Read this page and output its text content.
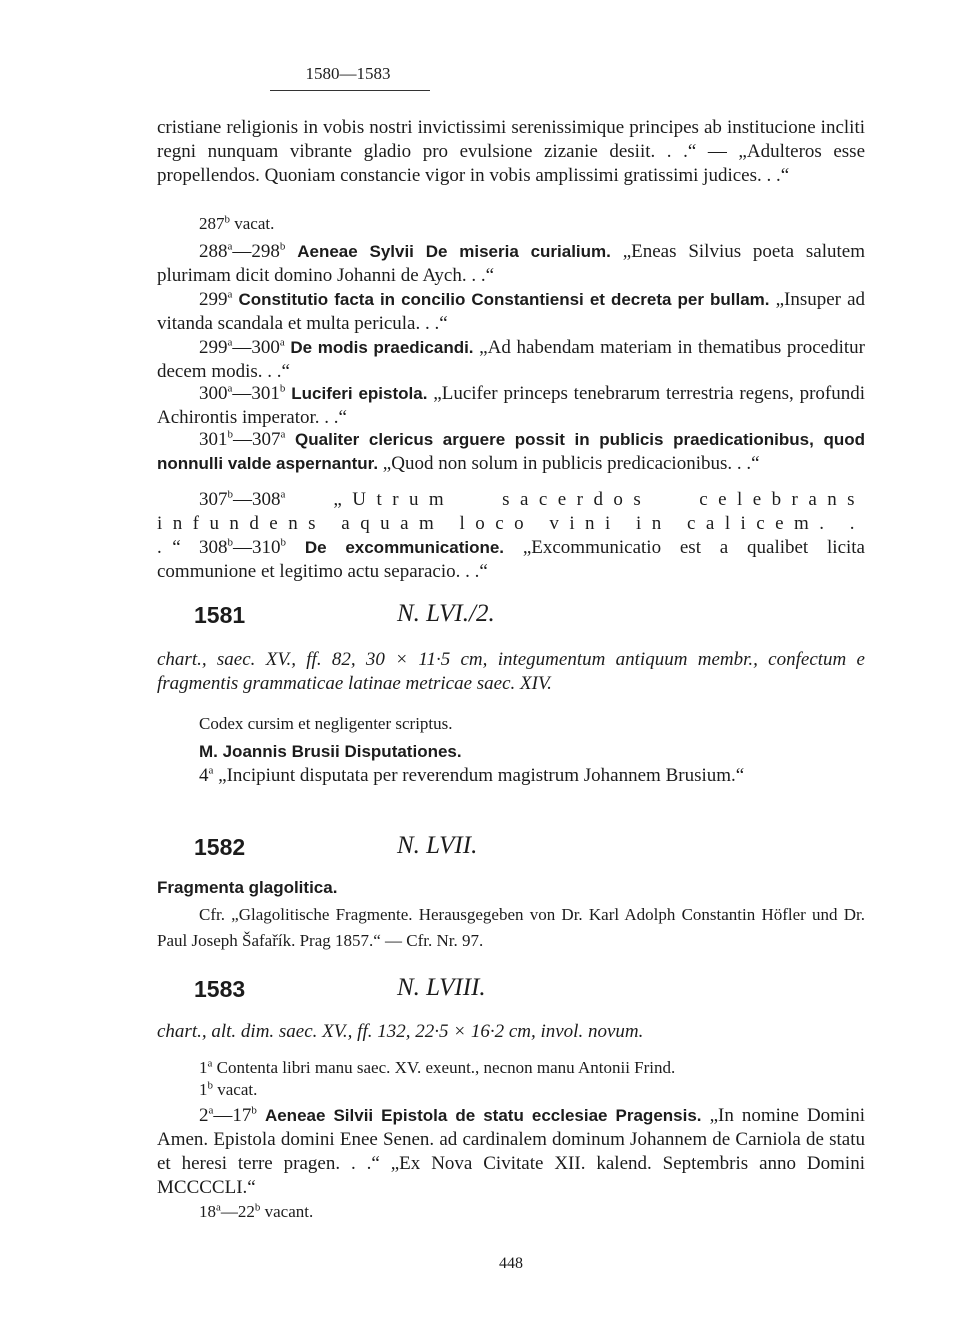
1580—1583
cristiane religionis in vobis nostri invictissimi serenissimique principes ab institucione incliti regni nunquam vibrante gladio pro evulsione zizanie desiit. . .“ — „Adulteros esse propellendos. Quoniam constancie vigor in vobis amplissimi gratissimi judices. . .“
287$^b$ vacat.
288$^a$—298$^b$ Aeneae Sylvii De miseria curialium. „Eneas Silvius poeta salutem plurimam dicit domino Johanni de Aych. . .“
299$^a$ Constitutio facta in concilio Constantiensi et decreta per bullam. „Insuper ad vitanda scandala et multa pericula. . .“
299$^a$—300$^a$ De modis praedicandi. „Ad habendam materiam in thematibus proceditur decem modis. . .“
300$^a$—301$^b$ Luciferi epistola. „Lucifer princeps tenebrarum terrestria regens, profundi Achirontis imperator. . .“
301$^b$—307$^a$ Qualiter clericus arguere possit in publicis praedicationibus, quod nonnulli valde aspernantur. „Quod non solum in publicis predicacionibus. . .“
307$^b$—308$^a$ „Utrum sacerdos celebrans infundens aquam loco vini in calicem. . .“ 308$^b$—310$^b$ De excommunicatione. „Excommunicatio est a qualibet licita communione et legitimo actu separacio. . .“
1581	N. LVI./2.
chart., saec. XV., ff. 82, 30 × 11·5 cm, integumentum antiquum membr., confectum e fragmentis grammaticae latinae metricae saec. XIV.
Codex cursim et negligenter scriptus.
M. Joannis Brusii Disputationes.
4$^a$ „Incipiunt disputata per reverendum magistrum Johannem Brusium.“
1582	N. LVII.
Fragmenta glagolitica.
Cfr. „Glagolitische Fragmente. Herausgegeben von Dr. Karl Adolph Constantin Höfler und Dr. Paul Joseph Šafařík. Prag 1857.“ — Cfr. Nr. 97.
1583	N. LVIII.
chart., alt. dim. saec. XV., ff. 132, 22·5 × 16·2 cm, invol. novum.
1$^a$ Contenta libri manu saec. XV. exeunt., necnon manu Antonii Frind.
1$^b$ vacat.
2$^a$—17$^b$ Aeneae Silvii Epistola de statu ecclesiae Pragensis. „In nomine Domini Amen. Epistola domini Enee Senen. ad cardinalem dominum Johannem de Carniola de statu et heresi terre pragen. . .“ „Ex Nova Civitate XII. kalend. Septembris anno Domini MCCCCLI.“
18$^a$—22$^b$ vacant.
448
